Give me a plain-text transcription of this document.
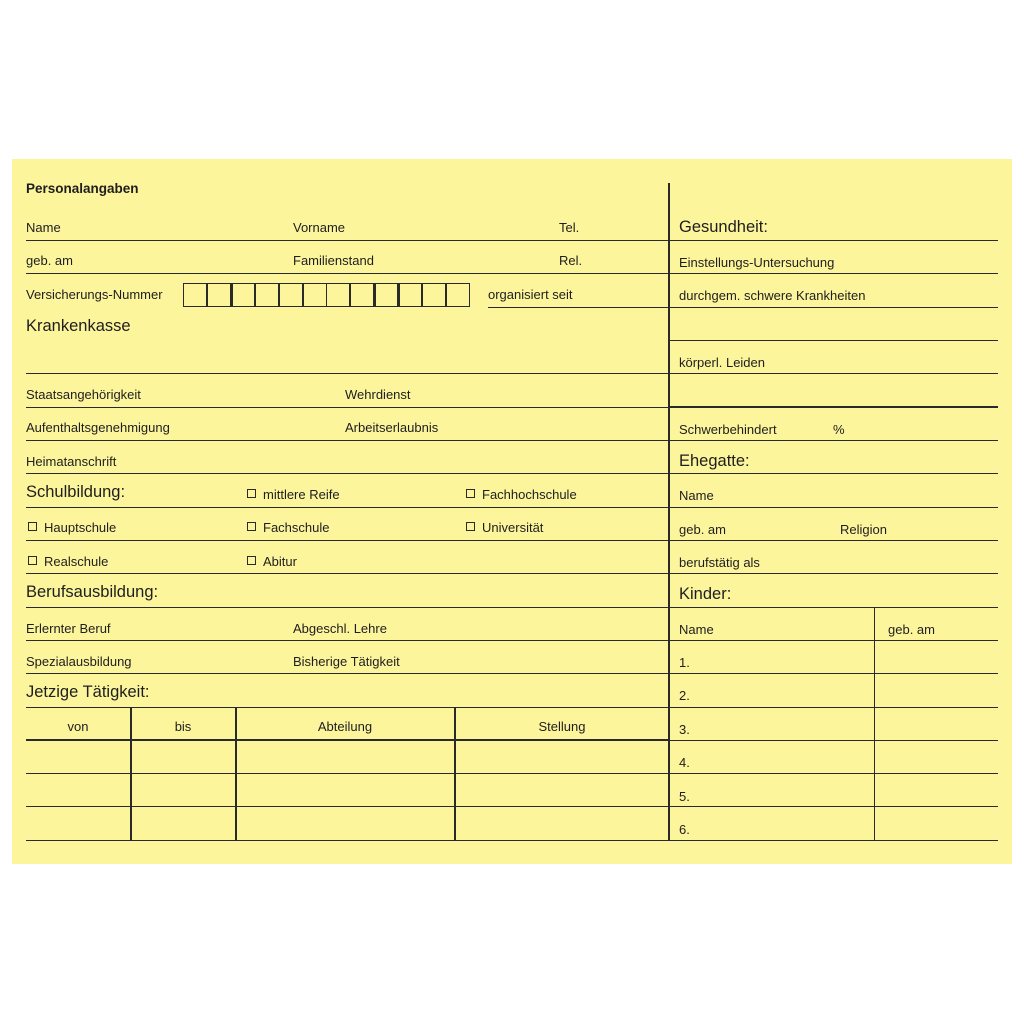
Personalangaben
Name	Vorname	Tel.
geb. am	Familienstand	Rel.
Versicherungs-Nummer	organisiert seit
Krankenkasse
Staatsangehörigkeit	Wehrdienst
Aufenthaltsgenehmigung	Arbeitserlaubnis
Heimatanschrift
Schulbildung:	mittlere Reife	Fachhochschule
Hauptschule	Fachschule	Universität
Realschule	Abitur
Berufsausbildung:
Erlernter Beruf	Abgeschl. Lehre
Spezialausbildung	Bisherige Tätigkeit
Jetzige Tätigkeit:
von	bis	Abteilung	Stellung
Gesundheit:
Einstellungs-Untersuchung
durchgem. schwere Krankheiten
körperl. Leiden
Schwerbehindert	%
Ehegatte:
Name
geb. am	Religion
berufstätig als
Kinder:
Name	geb. am
1.
2.
3.
4.
5.
6.
